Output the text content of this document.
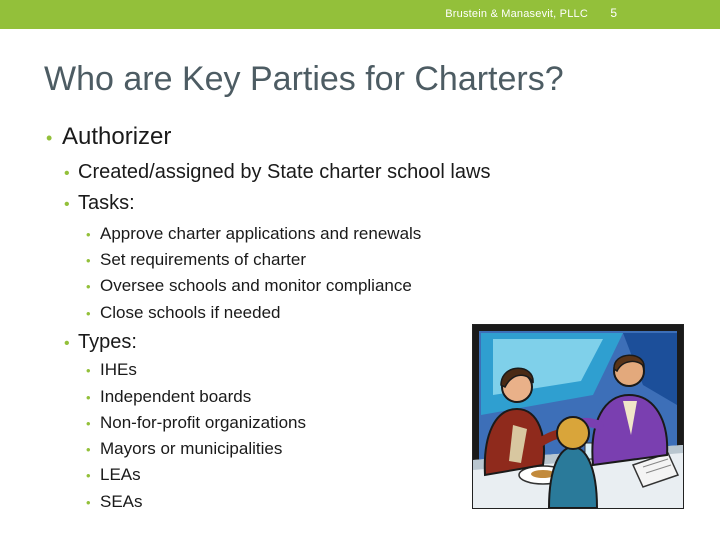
Brustein & Manasevit, PLLC 5
Who are Key Parties for Charters?
• Authorizer
• Created/assigned by State charter school laws
• Tasks:
• Approve charter applications and renewals
• Set requirements of charter
• Oversee schools and monitor compliance
• Close schools if needed
• Types:
• IHEs
• Independent boards
• Non-for-profit organizations
• Mayors or municipalities
• LEAs
• SEAs
